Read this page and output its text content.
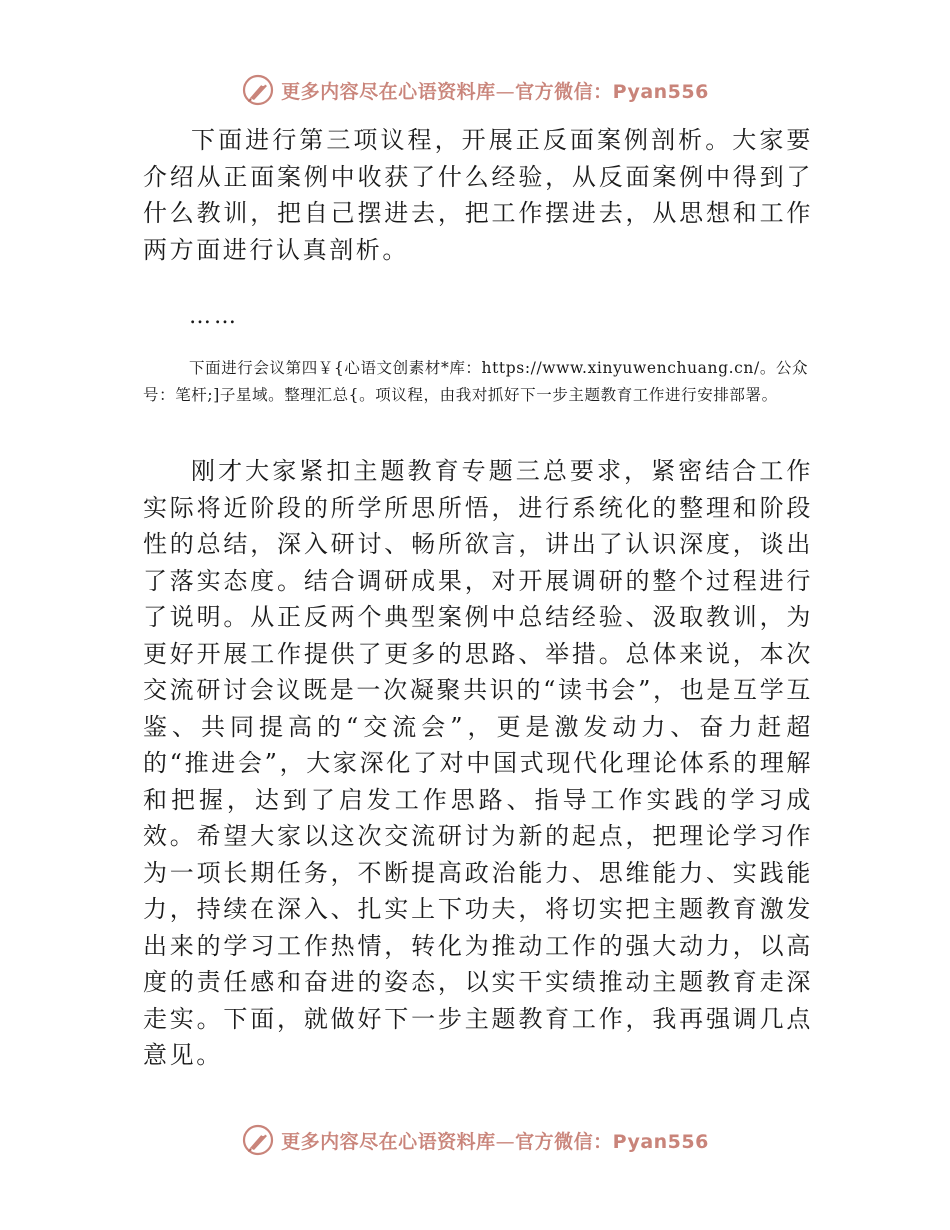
更多内容尽在心语资料库—官方微信：Pyan556

下面进行第三项议程，开展正反面案例剖析。大家要介绍从正面案例中收获了什么经验，从反面案例中得到了什么教训，把自己摆进去，把工作摆进去，从思想和工作两方面进行认真剖析。

……

下面进行会议第四￥{心语文创素材*库：https://www.xinyuwenchuang.cn/。公众号：笔杆;]子星域。整理汇总{。项议程，由我对抓好下一步主题教育工作进行安排部署。

刚才大家紧扣主题教育专题三总要求，紧密结合工作实际将近阶段的所学所思所悟，进行系统化的整理和阶段性的总结，深入研讨、畅所欲言，讲出了认识深度，谈出了落实态度。结合调研成果，对开展调研的整个过程进行了说明。从正反两个典型案例中总结经验、汲取教训，为更好开展工作提供了更多的思路、举措。总体来说，本次交流研讨会议既是一次凝聚共识的“读书会”，也是互学互鉴、共同提高的“交流会”，更是激发动力、奋力赶超的“推进会”，大家深化了对中国式现代化理论体系的理解和把握，达到了启发工作思路、指导工作实践的学习成效。希望大家以这次交流研讨为新的起点，把理论学习作为一项长期任务，不断提高政治能力、思维能力、实践能力，持续在深入、扎实上下功夫，将切实把主题教育激发出来的学习工作热情，转化为推动工作的强大动力，以高度的责任感和奋进的姿态，以实干实绩推动主题教育走深走实。下面，就做好下一步主题教育工作，我再强调几点意见。

更多内容尽在心语资料库—官方微信：Pyan556
